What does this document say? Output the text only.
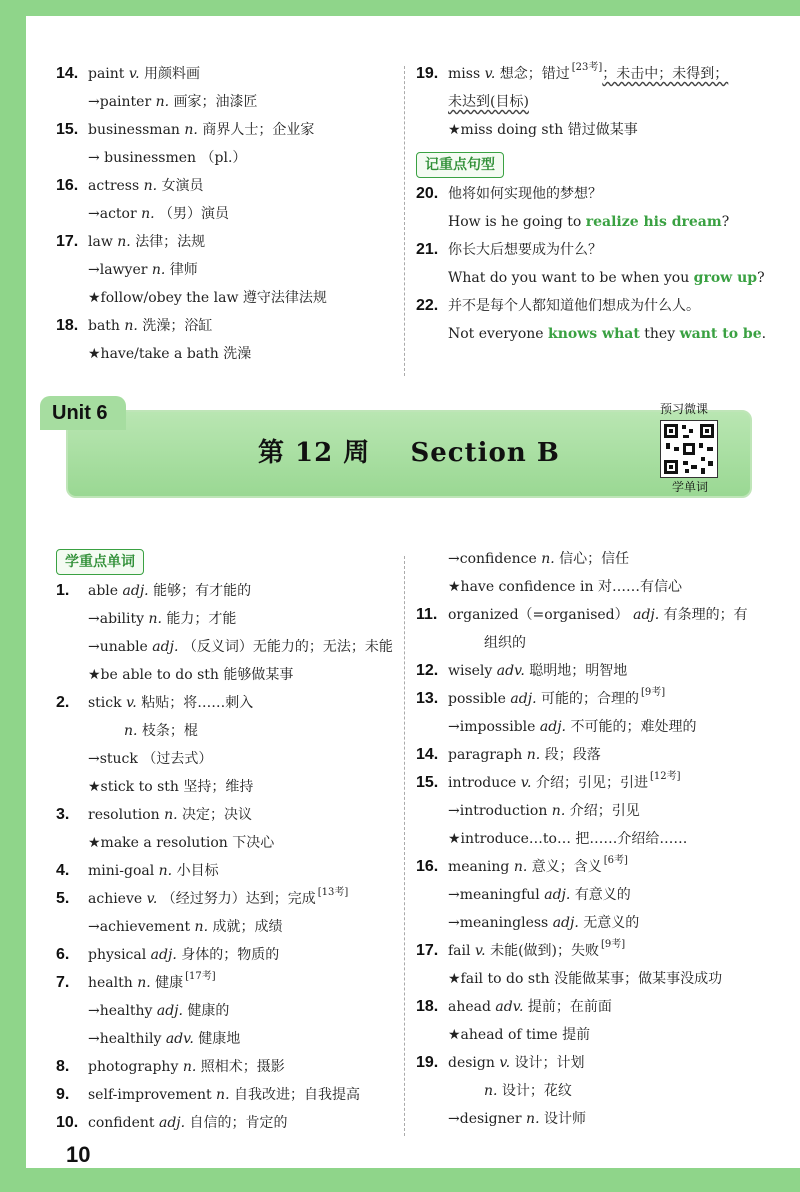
14. paint v. 用颜料画
→painter n. 画家；油漆匠
15. businessman n. 商界人士；企业家
→ businessmen （pl.）
16. actress n. 女演员
→actor n. （男）演员
17. law n. 法律；法规
→lawyer n. 律师
★follow/obey the law 遵守法律法规
18. bath n. 洗澡；浴缸
★have/take a bath 洗澡
19. miss v. 想念；错过 [23考]；未击中；未得到；
未达到(目标)
★miss doing sth 错过做某事
记重点句型
20. 他将如何实现他的梦想？
How is he going to realize his dream?
21. 你长大后想要成为什么？
What do you want to be when you grow up?
22. 并不是每个人都知道他们想成为什么人。
Not everyone knows what they want to be.
10
学重点单词
1. able adj. 能够；有才能的
→ability n. 能力；才能
→unable adj. （反义词）无能力的；无法；未能
★be able to do sth 能够做某事
2. stick v. 粘贴；将……刺入
n. 枝条；棍
→stuck （过去式）
★stick to sth 坚持；维持
3. resolution n. 决定；决议
★make a resolution 下决心
4. mini-goal n. 小目标
5. achieve v. （经过努力）达到；完成 [13考]
→achievement n. 成就；成绩
6. physical adj. 身体的；物质的
7. health n. 健康 [17考]
→healthy adj. 健康的
→healthily adv. 健康地
8. photography n. 照相术；摄影
9. self-improvement n. 自我改进；自我提高
10. confident adj. 自信的；肯定的
→confidence n. 信心；信任
★have confidence in 对……有信心
11. organized（=organised） adj. 有条理的；有
组织的
12. wisely adv. 聪明地；明智地
13. possible adj. 可能的；合理的 [9考]
→impossible adj. 不可能的；难处理的
14. paragraph n. 段；段落
15. introduce v. 介绍；引见；引进 [12考]
→introduction n. 介绍；引见
★introduce…to… 把……介绍给……
16. meaning n. 意义；含义 [6考]
→meaningful adj. 有意义的
→meaningless adj. 无意义的
17. fail v. 未能(做到)；失败 [9考]
★fail to do sth 没能做某事；做某事没成功
18. ahead adv. 提前；在前面
★ahead of time 提前
19. design v. 设计；计划
n. 设计；花纹
→designer n. 设计师
第 12 周    Section B
预习微课
学单词
Unit 6
